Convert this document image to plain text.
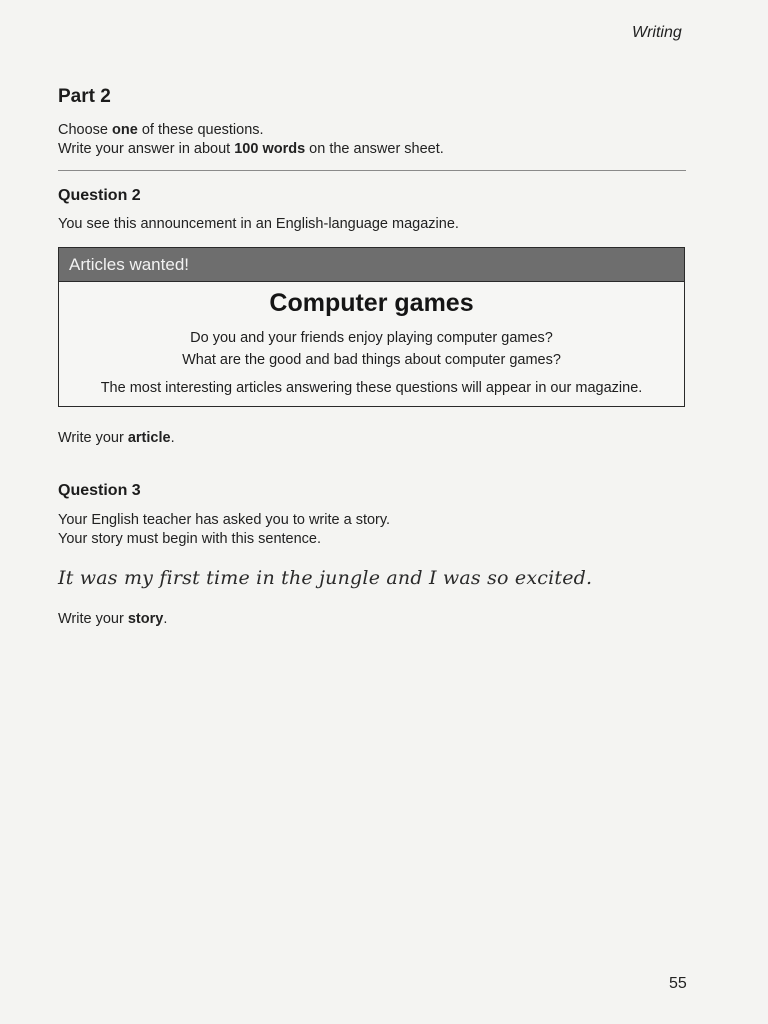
Writing
Part 2
Choose one of these questions.
Write your answer in about 100 words on the answer sheet.
Question 2
You see this announcement in an English-language magazine.
Articles wanted!
Computer games
Do you and your friends enjoy playing computer games?
What are the good and bad things about computer games?
The most interesting articles answering these questions will appear in our magazine.
Write your article.
Question 3
Your English teacher has asked you to write a story.
Your story must begin with this sentence.
It was my first time in the jungle and I was so excited.
Write your story.
55
